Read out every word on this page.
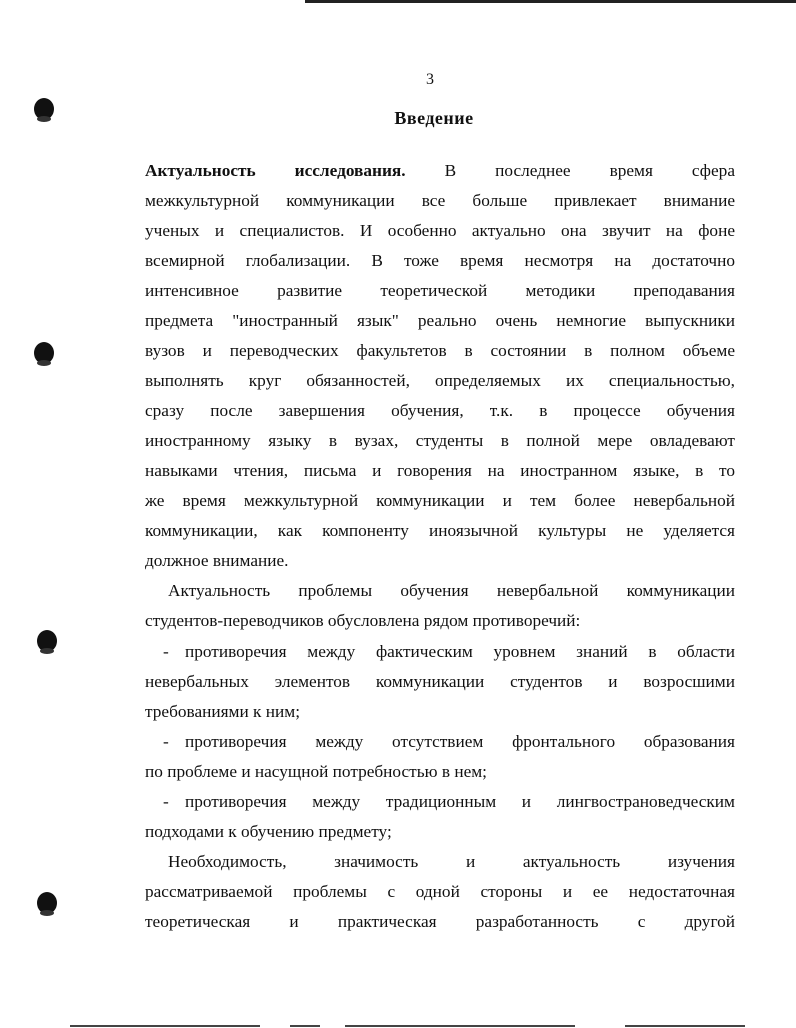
3
Введение
Актуальность исследования. В последнее время сфера
межкультурной коммуникации все больше привлекает внимание
ученых и специалистов. И особенно актуально она звучит на фоне
всемирной глобализации. В тоже время несмотря на достаточно
интенсивное развитие теоретической методики преподавания
предмета "иностранный язык" реально очень немногие выпускники
вузов и переводческих факультетов в состоянии в полном объеме
выполнять круг обязанностей, определяемых их специальностью,
сразу после завершения обучения, т.к. в процессе обучения
иностранному языку в вузах, студенты в полной мере овладевают
навыками чтения, письма и говорения на иностранном языке, в то
же время межкультурной коммуникации и тем более невербальной
коммуникации, как компоненту иноязычной культуры не уделяется
должное внимание.
Актуальность проблемы обучения невербальной коммуникации
студентов-переводчиков обусловлена рядом противоречий:
- противоречия между фактическим уровнем знаний в области
невербальных элементов коммуникации студентов и возросшими
требованиями к ним;
- противоречия между отсутствием фронтального образования
по проблеме и насущной потребностью в нем;
- противоречия между традиционным и лингвострановедческим
подходами к обучению предмету;
Необходимость, значимость и актуальность изучения
рассматриваемой проблемы с одной стороны и ее недостаточная
теоретическая и практическая разработанность с другой
